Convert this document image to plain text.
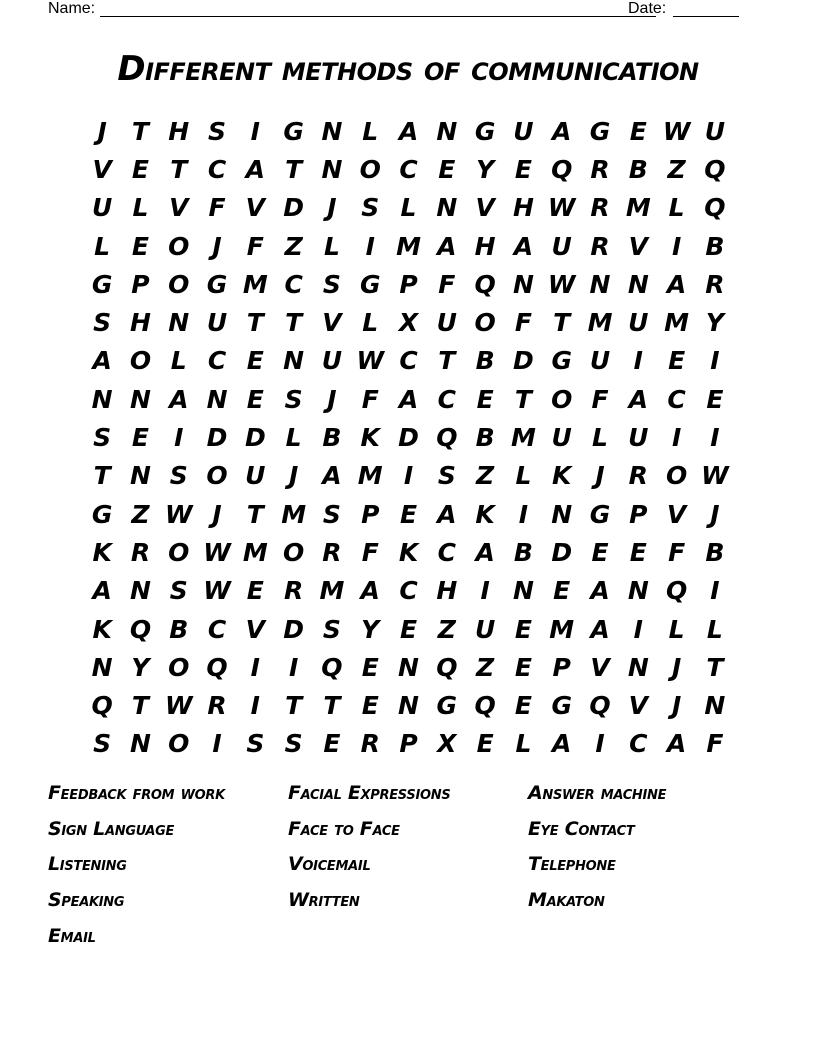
Name:	Date:
Different methods of communication
J	T H S I G N L A N G U A G E W U
V E T C A T N O C E Y E Q R B Z Q
U L V F V D J S L N V H W R M L Q
L E O J	F Z L	I M A H A U R V I B
G P O G M C S G P F Q N W N N A R
S H N U T T V L X U O F T M U M Y
A O L C E N U W C T B D G U I	E	I
N N A N E S J	F A C E T O F A C E
S E	I D D L B K D Q B M U L U I	I
T N S O U J A M I S Z L K J R O W
G Z W J	T M S P E A K I N G P V J
K R O W M O R F K C A B D E E F B
A N S W E R M A C H I N E A N Q I
K Q B C V D S Y E Z U E M A I	L L
N Y O Q I	I Q E N Q Z E P V N J	T
Q T W R I	T T E N G Q E G Q V J N
S N O I S S E R P X E L A I C A F
Feedback from work	Facial Expressions	Answer machine
Sign Language	Face to Face	Eye Contact
Listening	Voicemail	Telephone
Speaking	Written	Makaton
Email
